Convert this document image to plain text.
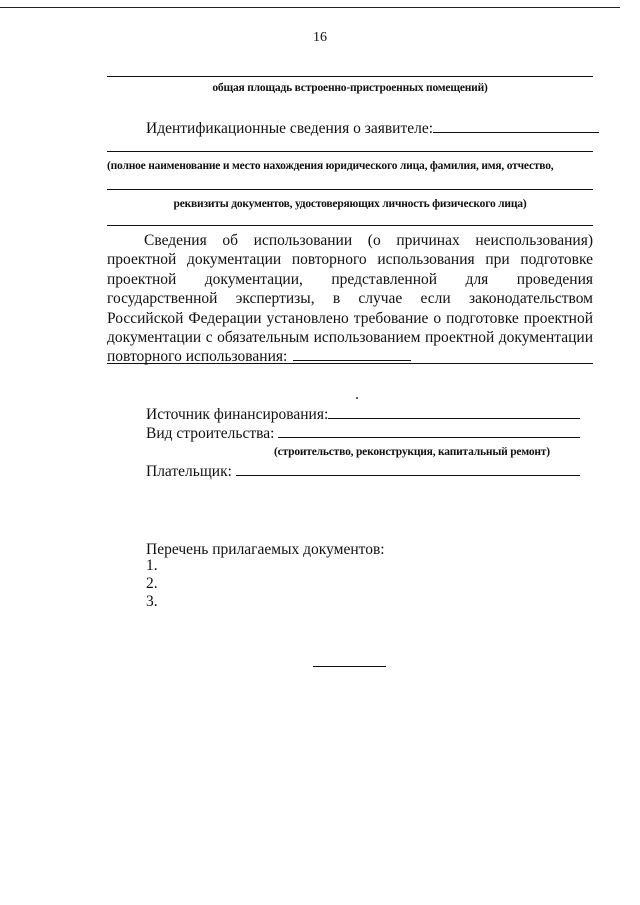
16
общая площадь встроенно-пристроенных помещений)
Идентификационные сведения о заявителе:
(полное наименование и место нахождения юридического лица, фамилия, имя, отчество,
реквизиты документов, удостоверяющих личность физического лица)
Сведения об использовании (о причинах неиспользования) проектной документации повторного использования при подготовке проектной документации, представленной для проведения государственной экспертизы, в случае если законодательством Российской Федерации установлено требование о подготовке проектной документации с обязательным использованием проектной документации повторного использования:
Источник финансирования:
Вид строительства:
(строительство, реконструкция, капитальный ремонт)
Плательщик:
Перечень прилагаемых документов:
1.
2.
3.
